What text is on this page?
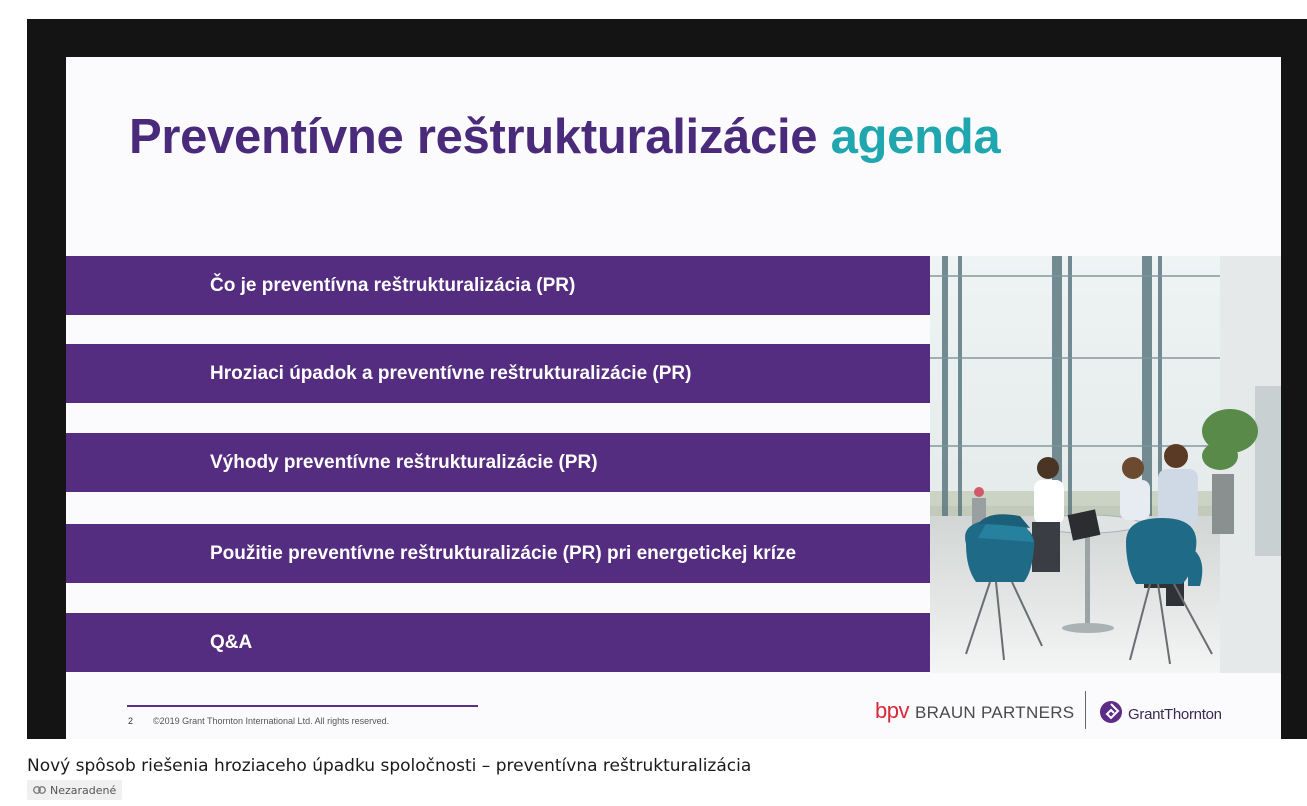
Preventívne reštrukturalizácie agenda
Čo je preventívna reštrukturalizácia (PR)
Hroziaci úpadok a preventívne reštrukturalizácie (PR)
Výhody preventívne reštrukturalizácie (PR)
Použitie preventívne reštrukturalizácie (PR) pri energetickej kríze
Q&A
2 ©2019 Grant Thornton International Ltd. All rights reserved.	bpv BRAUN PARTNERS	GrantThornton
Nový spôsob riešenia hroziaceho úpadku spoločnosti – preventívna reštrukturalizácia
Nezaradené
